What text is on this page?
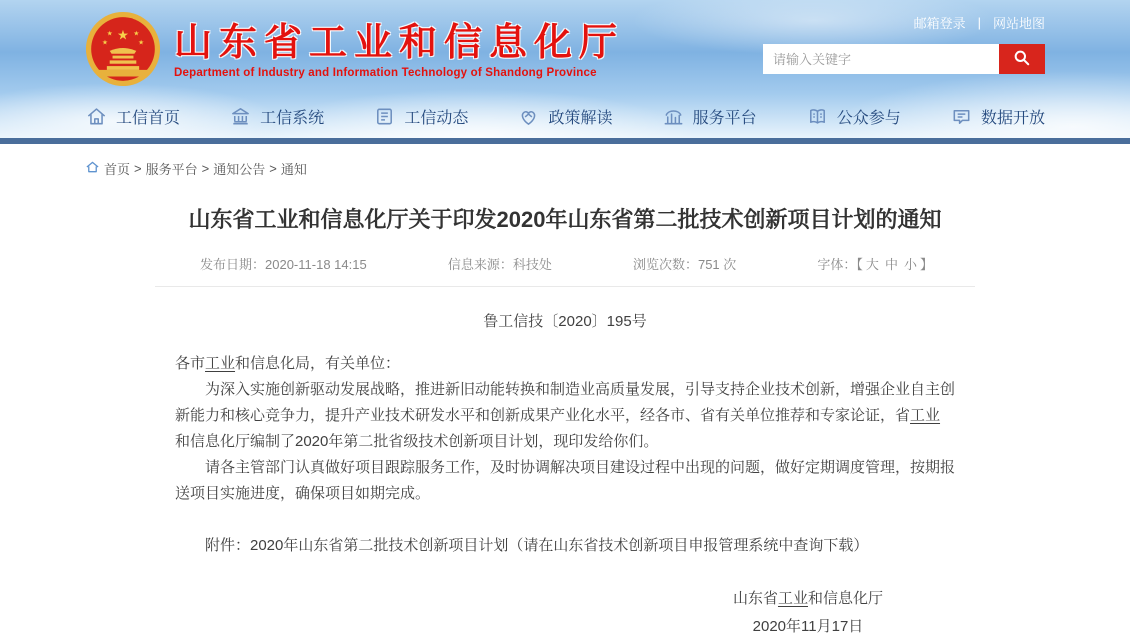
★
★	★
★	★ 山东省工业和信息化厅
Department of Industry and Information Technology of Shandong Province
邮箱登录 | 网站地图
请输入关键字
工信首页	工信系统	工信动态	政策解读	服务平台	公众参与	数据开放
首页 > 服务平台 > 通知公告 > 通知
山东省工业和信息化厅关于印发2020年山东省第二批技术创新项目计划的通知
发布日期：2020-11-18 14:15	信息来源：科技处	浏览次数：751 次	字体：【 大 中 小 】
鲁工信技〔2020〕195号
各市工业和信息化局，有关单位：

为深入实施创新驱动发展战略，推进新旧动能转换和制造业高质量发展，引导支持企业技术创新，增强企业自主创新能力和核心竞争力，提升产业技术研发水平和创新成果产业化水平，经各市、省有关单位推荐和专家论证，省工业和信息化厅编制了2020年第二批省级技术创新项目计划，现印发给你们。

请各主管部门认真做好项目跟踪服务工作，及时协调解决项目建设过程中出现的问题，做好定期调度管理，按期报送项目实施进度，确保项目如期完成。

附件：2020年山东省第二批技术创新项目计划（请在山东省技术创新项目申报管理系统中查询下载）

山东省工业和信息化厅
2020年11月17日
